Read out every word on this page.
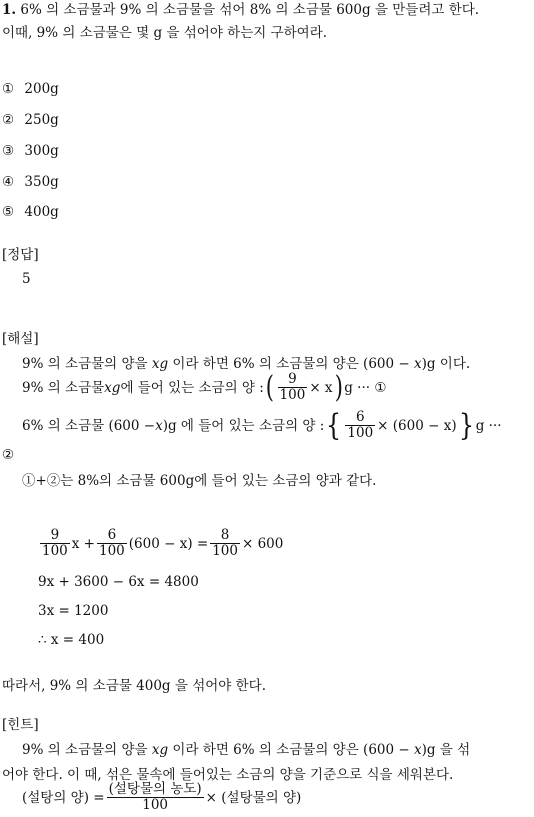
1. 6% 의 소금물과 9% 의 소금물을 섞어 8% 의 소금물 600g 을 만들려고 한다.
이때, 9% 의 소금물은 몇 g 을 섞어야 하는지 구하여라.
① 200g
② 250g
③ 300g
④ 350g
⑤ 400g
[정답]
5
[해설]
9% 의 소금물의 양을 xg 이라 하면 6% 의 소금물의 양은 (600 − x)g 이다.
9% 의 소금물 xg 에 들어 있는 소금의 양 : ( $\frac{9}{100} \times x$ ) g ··· ①
6% 의 소금물 (600 − x )g 에 들어 있는 소금의 양 : { $\frac{6}{100} \times (600 - x)$ } g ···
②
①+②는 8%의 소금물 600g에 들어 있는 소금의 양과 같다.
$\frac{9}{100}$ $x + \frac{6}{100} (600 - x) = \frac{8}{100} \times 600$
9x + 3600 − 6x = 4800
3x = 1200
∴ x = 400
따라서, 9% 의 소금물 400g 을 섞어야 한다.
[힌트]
9% 의 소금물의 양을 xg 이라 하면 6% 의 소금물의 양은 (600 − x)g 을 섞
어야 한다. 이 때, 섞은 물속에 들어있는 소금의 양을 기준으로 식을 세워본다.
(설탕의 양) = $\frac{\text{(설탕물의 농도)}}{100}$ × (설탕물의 양)
